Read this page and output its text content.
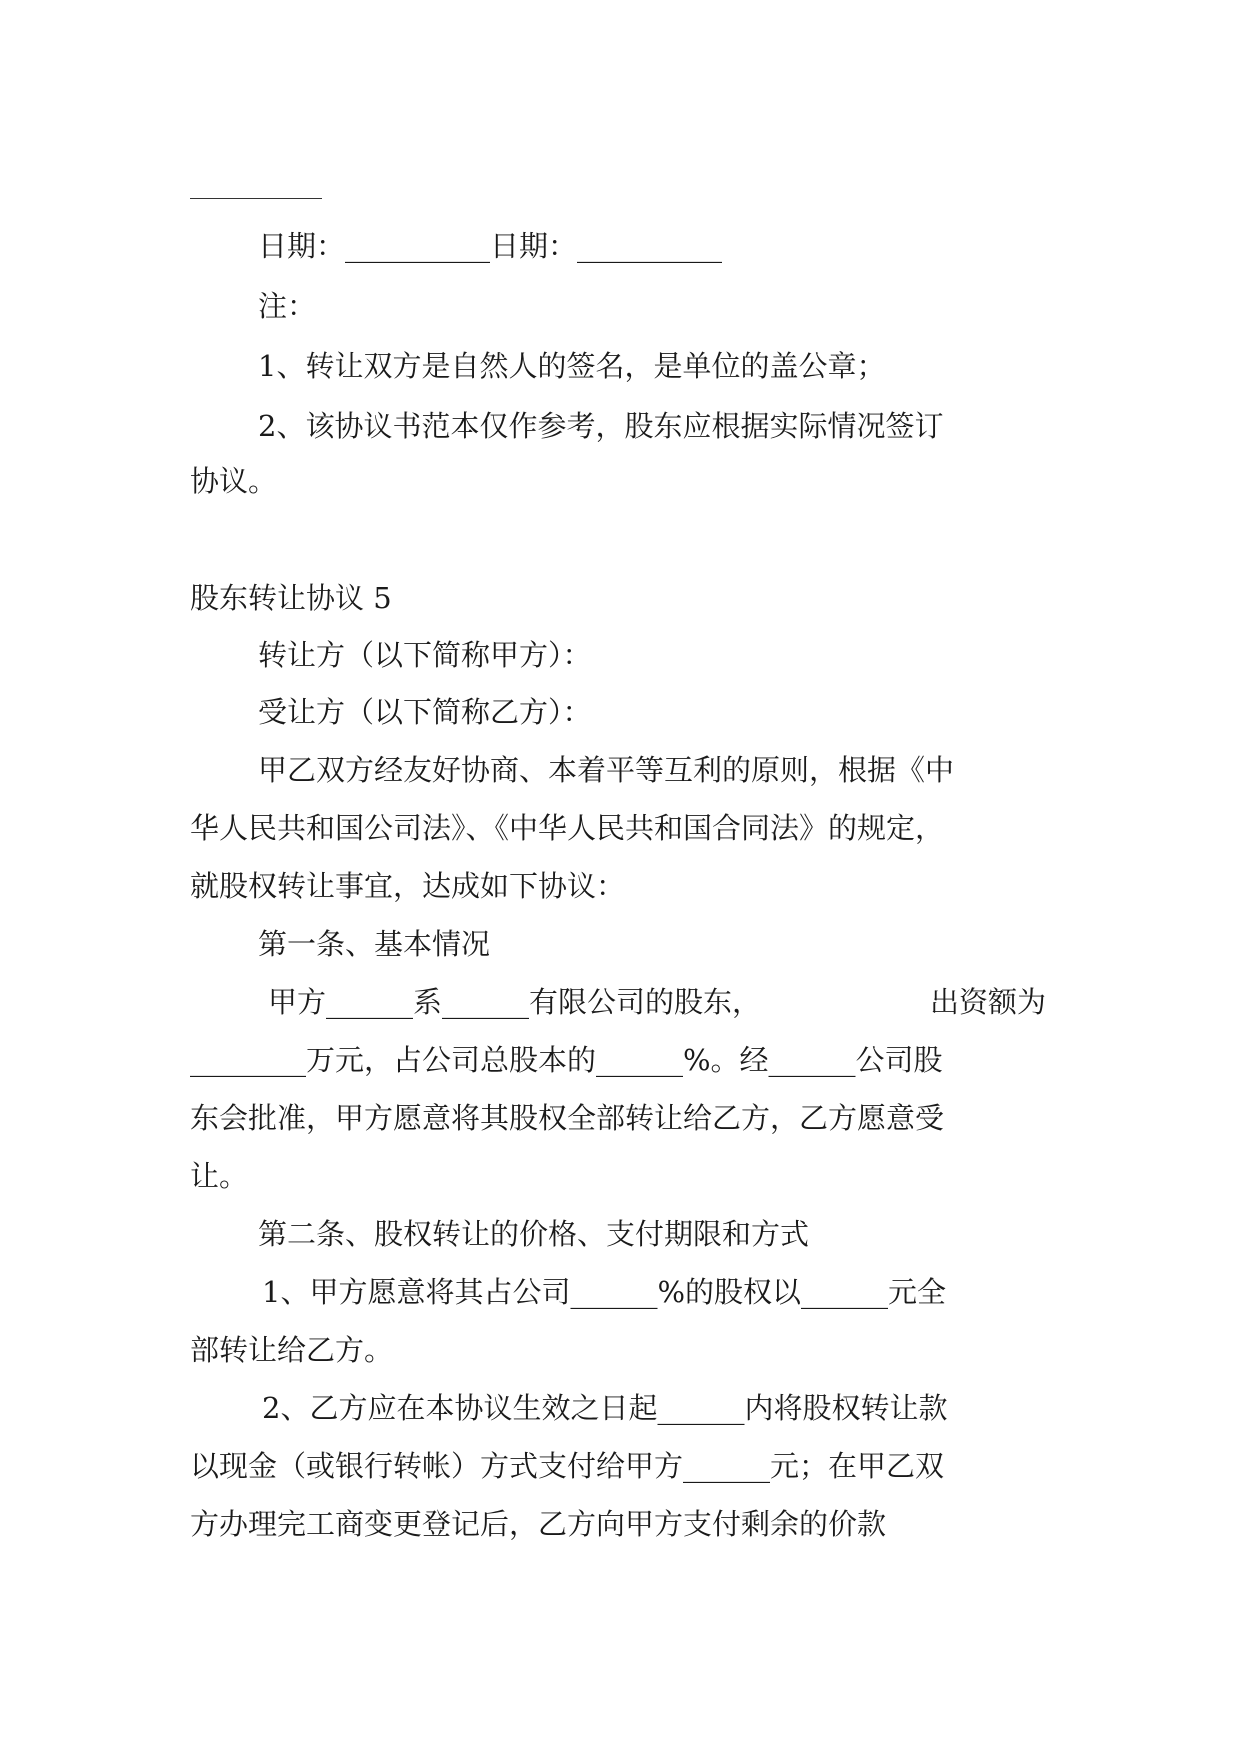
日期：__________日期：__________
注：
1、转让双方是自然人的签名，是单位的盖公章；
2、该协议书范本仅作参考，股东应根据实际情况签订
协议。
股东转让协议 5
转让方（以下简称甲方）：
受让方（以下简称乙方）：
甲乙双方经友好协商、本着平等互利的原则，根据《中
华人民共和国公司法》、《中华人民共和国合同法》的规定，
就股权转让事宜，达成如下协议：
第一条、基本情况
甲方______系______有限公司的股东，	出资额为
________万元，占公司总股本的______%。经______公司股
东会批准，甲方愿意将其股权全部转让给乙方，乙方愿意受
让。
第二条、股权转让的价格、支付期限和方式
1、甲方愿意将其占公司______%的股权以______元全
部转让给乙方。
2、乙方应在本协议生效之日起______内将股权转让款
以现金（或银行转帐）方式支付给甲方______元；在甲乙双
方办理完工商变更登记后，乙方向甲方支付剩余的价款
